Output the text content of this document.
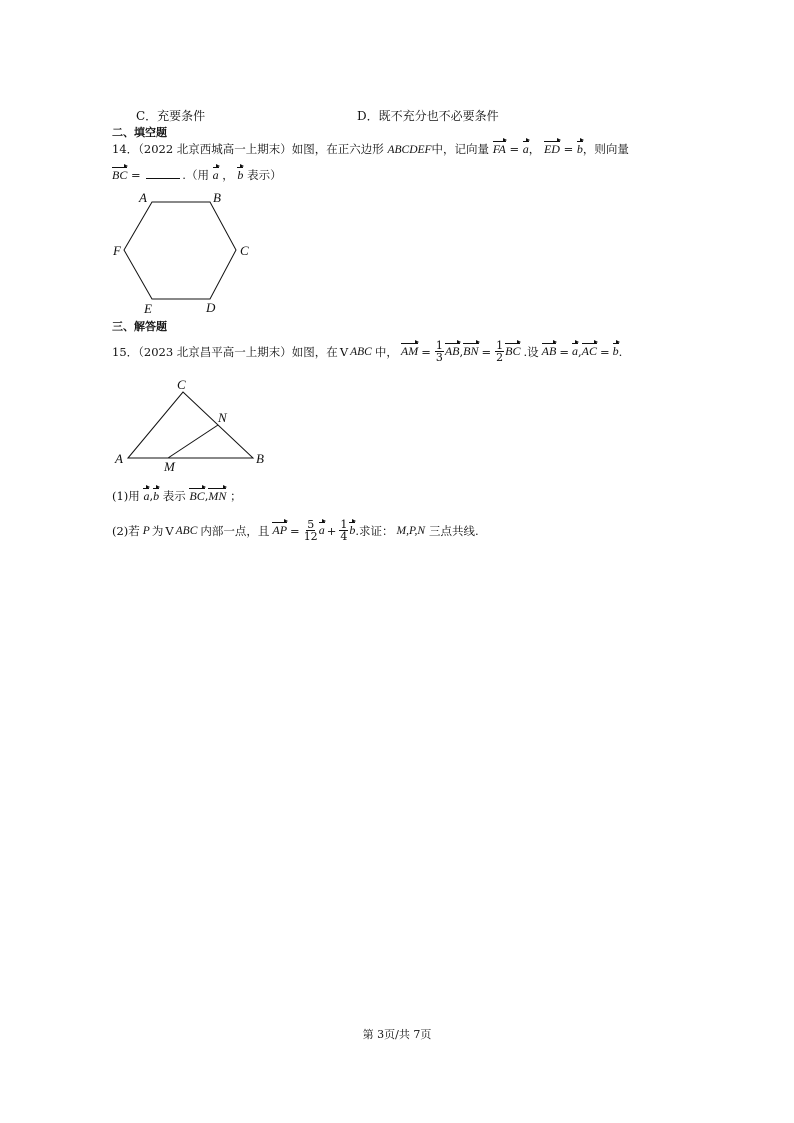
C．充要条件	D．既不充分也不必要条件
二、填空题
14．（2022 北京西城高一上期末）如图，在正六边形 ABCDEF中，记向量 FA = a， ED = b，则向量
BC =	.（用 a ， b 表示）
A	B
C
D
E
F
三、解答题
15．（2023 北京昌平高一上期末）如图，在 V ABC 中， AM = $\frac{1}{3}$ AB , BN = $\frac{1}{2}$ BC .设 AB = a , AC = b .
A	B
C
M
N
(1)用 a,b 表示 BC,MN ；
(2)若 P 为 V ABC 内部一点，且 AP = $\frac{5}{12}$ $a + \frac{1}{4}$ b .求证： M,P,N 三点共线.
第 3页/共 7页
